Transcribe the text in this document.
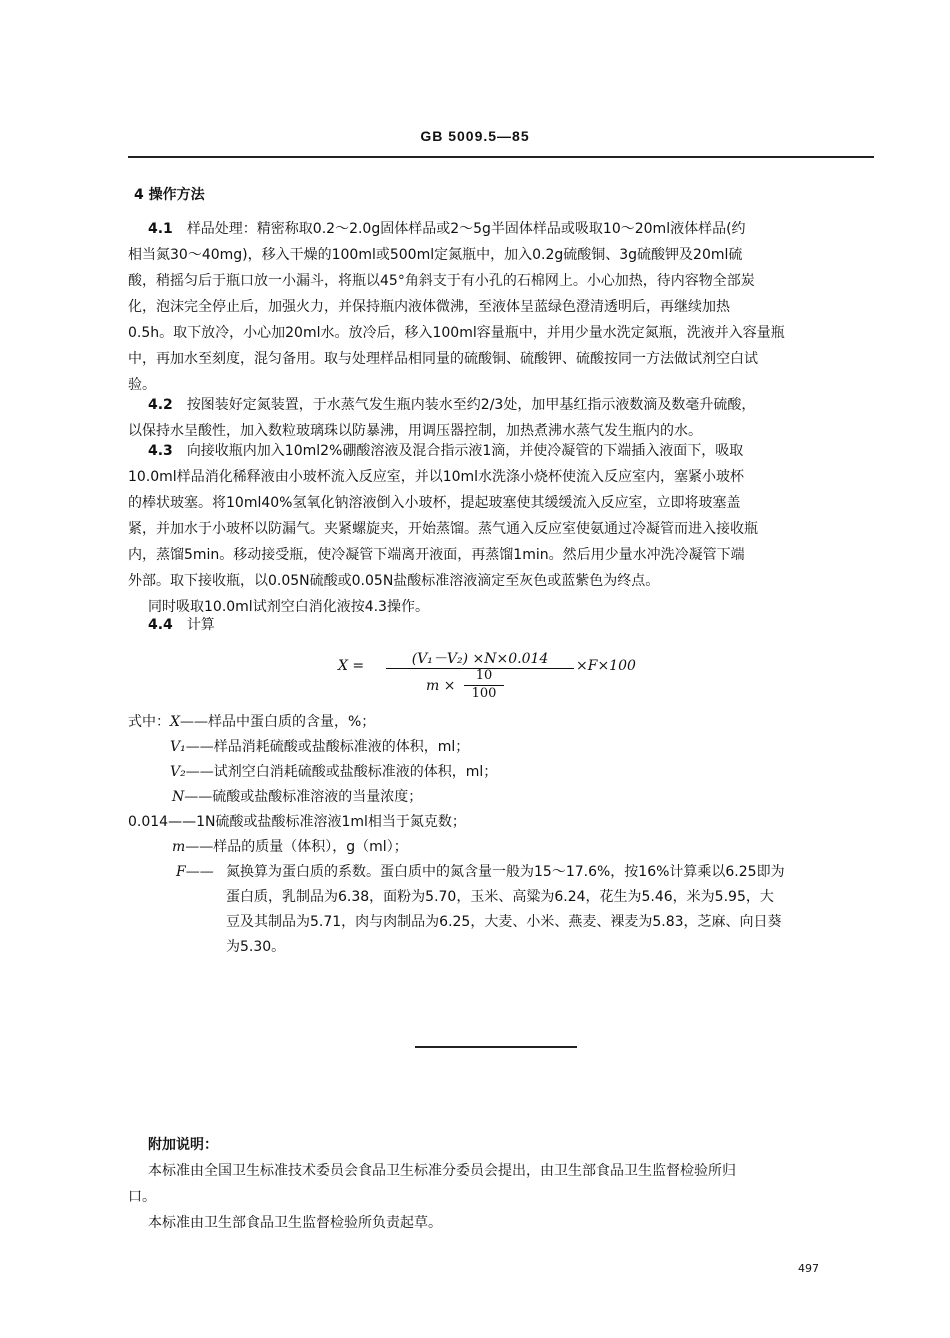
GB 5009.5—85
4 操作方法
4.1 样品处理：精密称取0.2～2.0g固体样品或2～5g半固体样品或吸取10～20ml液体样品(约
相当氮30～40mg)，移入干燥的100ml或500ml定氮瓶中，加入0.2g硫酸铜、3g硫酸钾及20ml硫
酸，稍摇匀后于瓶口放一小漏斗，将瓶以45°角斜支于有小孔的石棉网上。小心加热，待内容物全部炭
化，泡沫完全停止后，加强火力，并保持瓶内液体微沸，至液体呈蓝绿色澄清透明后，再继续加热
0.5h。取下放冷，小心加20ml水。放冷后，移入100ml容量瓶中，并用少量水洗定氮瓶，洗液并入容量瓶
中，再加水至刻度，混匀备用。取与处理样品相同量的硫酸铜、硫酸钾、硫酸按同一方法做试剂空白试
验。
4.2 按图装好定氮装置，于水蒸气发生瓶内装水至约2/3处，加甲基红指示液数滴及数毫升硫酸，
以保持水呈酸性，加入数粒玻璃珠以防暴沸，用调压器控制，加热煮沸水蒸气发生瓶内的水。
4.3 向接收瓶内加入10ml2%硼酸溶液及混合指示液1滴，并使冷凝管的下端插入液面下，吸取
10.0ml样品消化稀释液由小玻杯流入反应室，并以10ml水洗涤小烧杯使流入反应室内，塞紧小玻杯
的棒状玻塞。将10ml40%氢氧化钠溶液倒入小玻杯，提起玻塞使其缓缓流入反应室，立即将玻塞盖
紧，并加水于小玻杯以防漏气。夹紧螺旋夹，开始蒸馏。蒸气通入反应室使氨通过冷凝管而进入接收瓶
内，蒸馏5min。移动接受瓶，使冷凝管下端离开液面，再蒸馏1min。然后用少量水冲洗冷凝管下端
外部。取下接收瓶，以0.05N硫酸或0.05N盐酸标准溶液滴定至灰色或蓝紫色为终点。
同时吸取10.0ml试剂空白消化液按4.3操作。
4.4 计算
X =	(V₁－V₂) ×N×0.014
m ×
10
100
×F×100
式中：X——样品中蛋白质的含量，%；
V₁——样品消耗硫酸或盐酸标准液的体积，ml；
V₂——试剂空白消耗硫酸或盐酸标准液的体积，ml；
N——硫酸或盐酸标准溶液的当量浓度；
0.014——1N硫酸或盐酸标准溶液1ml相当于氮克数；
m——样品的质量（体积），g（ml）；
F—— 氮换算为蛋白质的系数。蛋白质中的氮含量一般为15～17.6%，按16%计算乘以6.25即为
蛋白质，乳制品为6.38，面粉为5.70，玉米、高粱为6.24，花生为5.46，米为5.95，大
豆及其制品为5.71，肉与肉制品为6.25，大麦、小米、燕麦、裸麦为5.83，芝麻、向日葵
为5.30。
附加说明：
本标准由全国卫生标准技术委员会食品卫生标准分委员会提出，由卫生部食品卫生监督检验所归
口。
本标准由卫生部食品卫生监督检验所负责起草。
497
